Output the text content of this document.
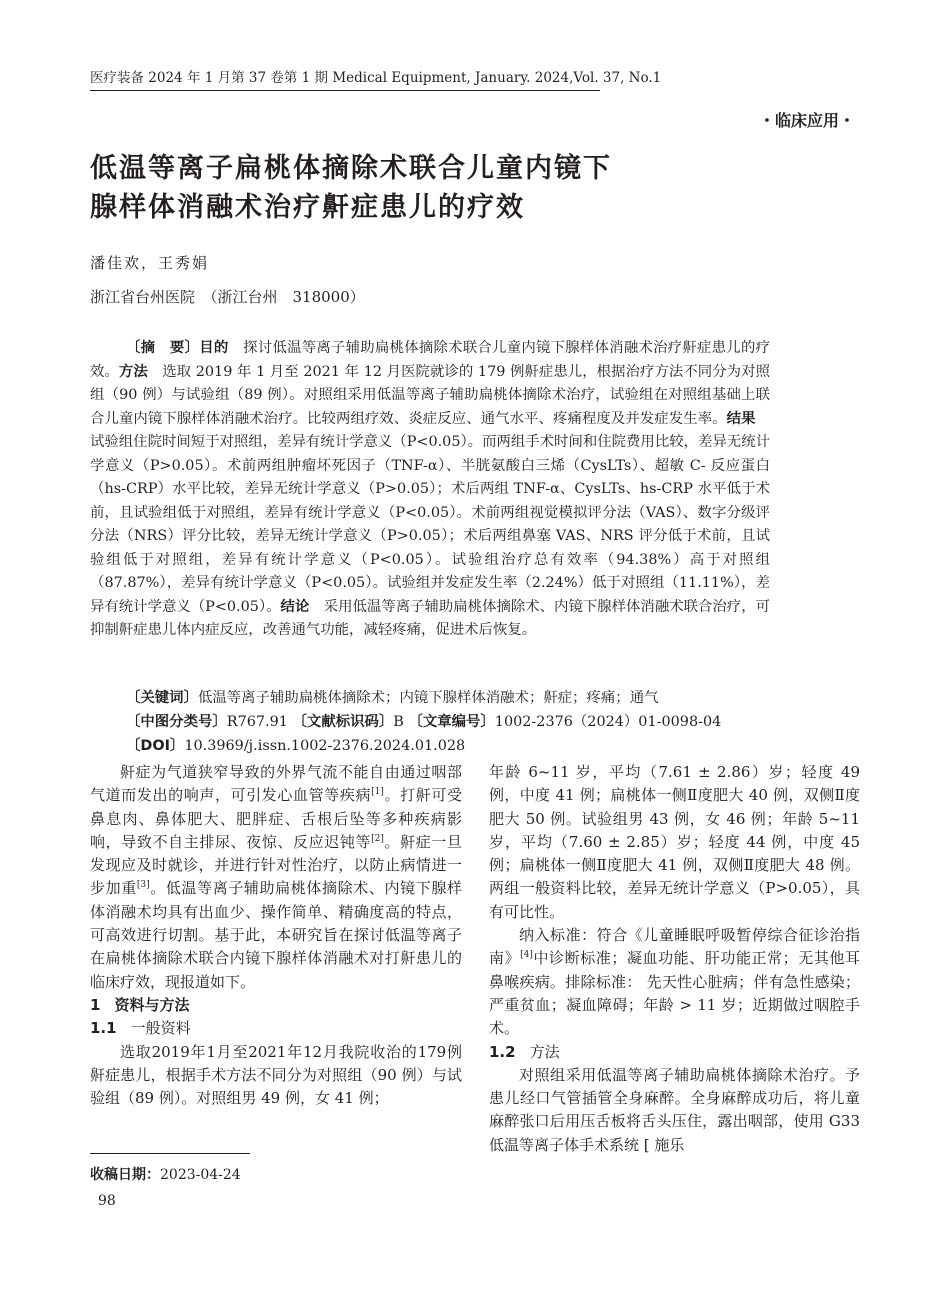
医疗装备 2024 年 1 月第 37 卷第 1 期 Medical Equipment, January. 2024,Vol. 37, No.1
・临床应用・
低温等离子扁桃体摘除术联合儿童内镜下
腺样体消融术治疗鼾症患儿的疗效
潘佳欢，王秀娟
浙江省台州医院　（浙江台州　318000）

〔摘　要〕目的　探讨低温等离子辅助扁桃体摘除术联合儿童内镜下腺样体消融术治疗鼾症患儿的疗效。方法　选取 2019 年 1 月至 2021 年 12 月医院就诊的 179 例鼾症患儿，根据治疗方法不同分为对照组（90 例）与试验组（89 例）。对照组采用低温等离子辅助扁桃体摘除术治疗，试验组在对照组基础上联合儿童内镜下腺样体消融术治疗。比较两组疗效、炎症反应、通气水平、疼痛程度及并发症发生率。结果　试验组住院时间短于对照组，差异有统计学意义（P<0.05）。而两组手术时间和住院费用比较，差异无统计学意义（P>0.05）。术前两组肿瘤坏死因子（TNF-α）、半胱氨酸白三烯（CysLTs）、超敏 C- 反应蛋白（hs-CRP）水平比较，差异无统计学意义（P>0.05）；术后两组 TNF-α、CysLTs、hs-CRP 水平低于术前，且试验组低于对照组，差异有统计学意义（P<0.05）。术前两组视觉模拟评分法（VAS）、数字分级评分法（NRS）评分比较，差异无统计学意义（P>0.05）；术后两组鼻塞 VAS、NRS 评分低于术前，且试验组低于对照组，差异有统计学意义（P<0.05）。试验组治疗总有效率（94.38%）高于对照组（87.87%），差异有统计学意义（P<0.05）。试验组并发症发生率（2.24%）低于对照组（11.11%），差异有统计学意义（P<0.05）。结论　采用低温等离子辅助扁桃体摘除术、内镜下腺样体消融术联合治疗，可抑制鼾症患儿体内症反应，改善通气功能，减轻疼痛，促进术后恢复。

〔关键词〕低温等离子辅助扁桃体摘除术；内镜下腺样体消融术；鼾症；疼痛；通气
〔中图分类号〕R767.91 〔文献标识码〕B 〔文章编号〕1002-2376（2024）01-0098-04
〔DOI〕10.3969/j.issn.1002-2376.2024.01.028

鼾症为气道狭窄导致的外界气流不能自由通过咽部气道而发出的响声，可引发心血管等疾病[1]。打鼾可受鼻息肉、鼻体肥大、肥胖症、舌根后坠等多种疾病影响，导致不自主排尿、夜惊、反应迟钝等[2]。鼾症一旦发现应及时就诊，并进行针对性治疗，以防止病情进一步加重[3]。低温等离子辅助扁桃体摘除术、内镜下腺样体消融术均具有出血少、操作简单、精确度高的特点，可高效进行切割。基于此，本研究旨在探讨低温等离子在扁桃体摘除术联合内镜下腺样体消融术对打鼾患儿的临床疗效，现报道如下。

1 资料与方法

1.1 一般资料

选取2019年1月至2021年12月我院收治的179例鼾症患儿，根据手术方法不同分为对照组（90 例）与试验组（89 例）。对照组男 49 例，女 41 例；

年龄 6~11 岁，平均（7.61 ± 2.86）岁；轻度 49 例，中度 41 例；扁桃体一侧Ⅱ度肥大 40 例，双侧Ⅱ度肥大 50 例。试验组男 43 例，女 46 例；年龄 5~11 岁，平均（7.60 ± 2.85）岁；轻度 44 例，中度 45 例；扁桃体一侧Ⅱ度肥大 41 例，双侧Ⅱ度肥大 48 例。两组一般资料比较，差异无统计学意义（P>0.05），具有可比性。

纳入标准：符合《儿童睡眠呼吸暂停综合征诊治指南》[4]中诊断标准；凝血功能、肝功能正常；无其他耳鼻喉疾病。排除标准： 先天性心脏病；伴有急性感染；严重贫血；凝血障碍；年龄 > 11 岁；近期做过咽腔手术。

1.2 方法

对照组采用低温等离子辅助扁桃体摘除术治疗。予患儿经口气管插管全身麻醉。全身麻醉成功后，将儿童麻醉张口后用压舌板将舌头压住，露出咽部，使用 G33 低温等离子体手术系统 [ 施乐

收稿日期：2023-04-24
98
